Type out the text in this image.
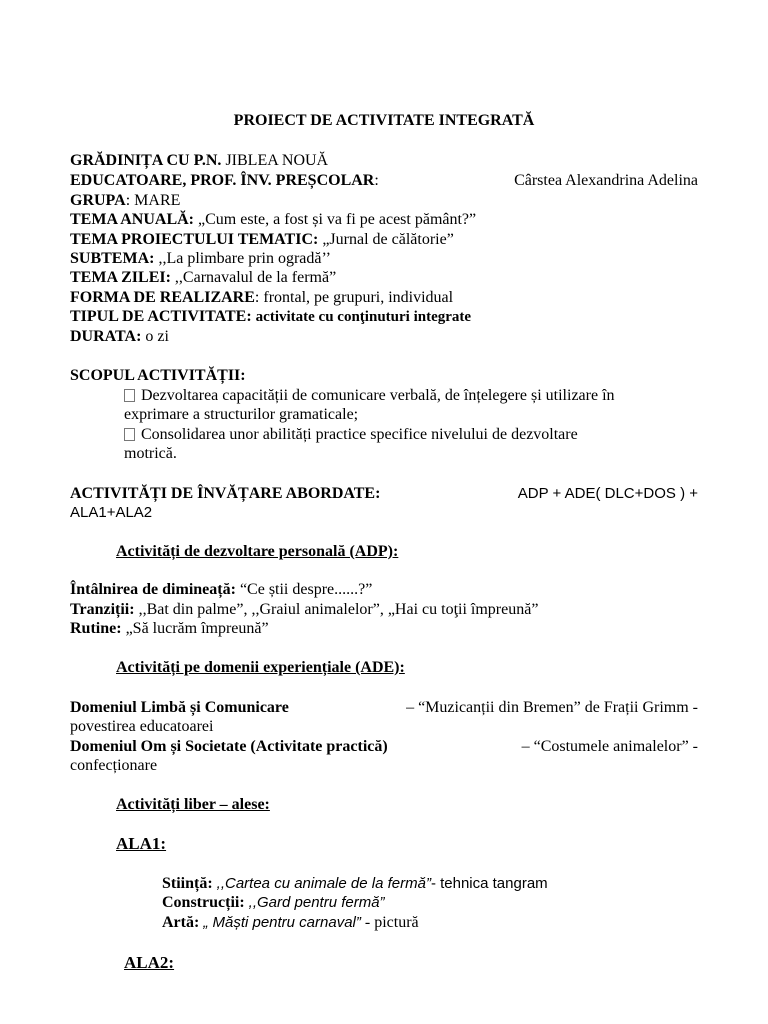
PROIECT DE ACTIVITATE INTEGRATĂ
GRĂDINIȚA CU P.N. JIBLEA NOUĂ
EDUCATOARE, PROF. ÎNV. PREȘCOLAR:	Cârstea Alexandrina Adelina
GRUPA: MARE
TEMA ANUALĂ: „Cum este, a fost și va fi pe acest pământ?”
TEMA PROIECTULUI TEMATIC: „Jurnal de călătorie”
SUBTEMA: ,,La plimbare prin ogradă’’
TEMA ZILEI: ,,Carnavalul de la fermă”
FORMA DE REALIZARE: frontal, pe grupuri, individual
TIPUL DE ACTIVITATE: activitate cu conţinuturi integrate
DURATA: o zi
SCOPUL ACTIVITĂȚII:
Dezvoltarea capacității de comunicare verbală, de înțelegere și utilizare în
exprimare a structurilor gramaticale;
Consolidarea unor abilități practice specifice nivelului de dezvoltare
motrică.
ACTIVITĂȚI DE ÎNVĂȚARE ABORDATE:	ADP + ADE( DLC+DOS ) +
ALA1+ALA2
Activități de dezvoltare personală (ADP):
Întâlnirea de dimineață: “Ce știi despre......?”
Tranziții: ,,Bat din palme”, ,,Graiul animalelor”, „Hai cu toţii împreună”
Rutine: „Să lucrăm împreună”
Activități pe domenii experiențiale (ADE):
Domeniul Limbă și Comunicare	– “Muzicanții din Bremen” de Frații Grimm -
povestirea educatoarei
Domeniul Om și Societate (Activitate practică)	– “Costumele animalelor” -
confecționare
Activități liber – alese:
ALA1:
Stiință: ,,Cartea cu animale de la fermă”- tehnica tangram
Construcții: ,,Gard pentru fermă”
Artă: „ Măști pentru carnaval” - pictură
ALA2:
